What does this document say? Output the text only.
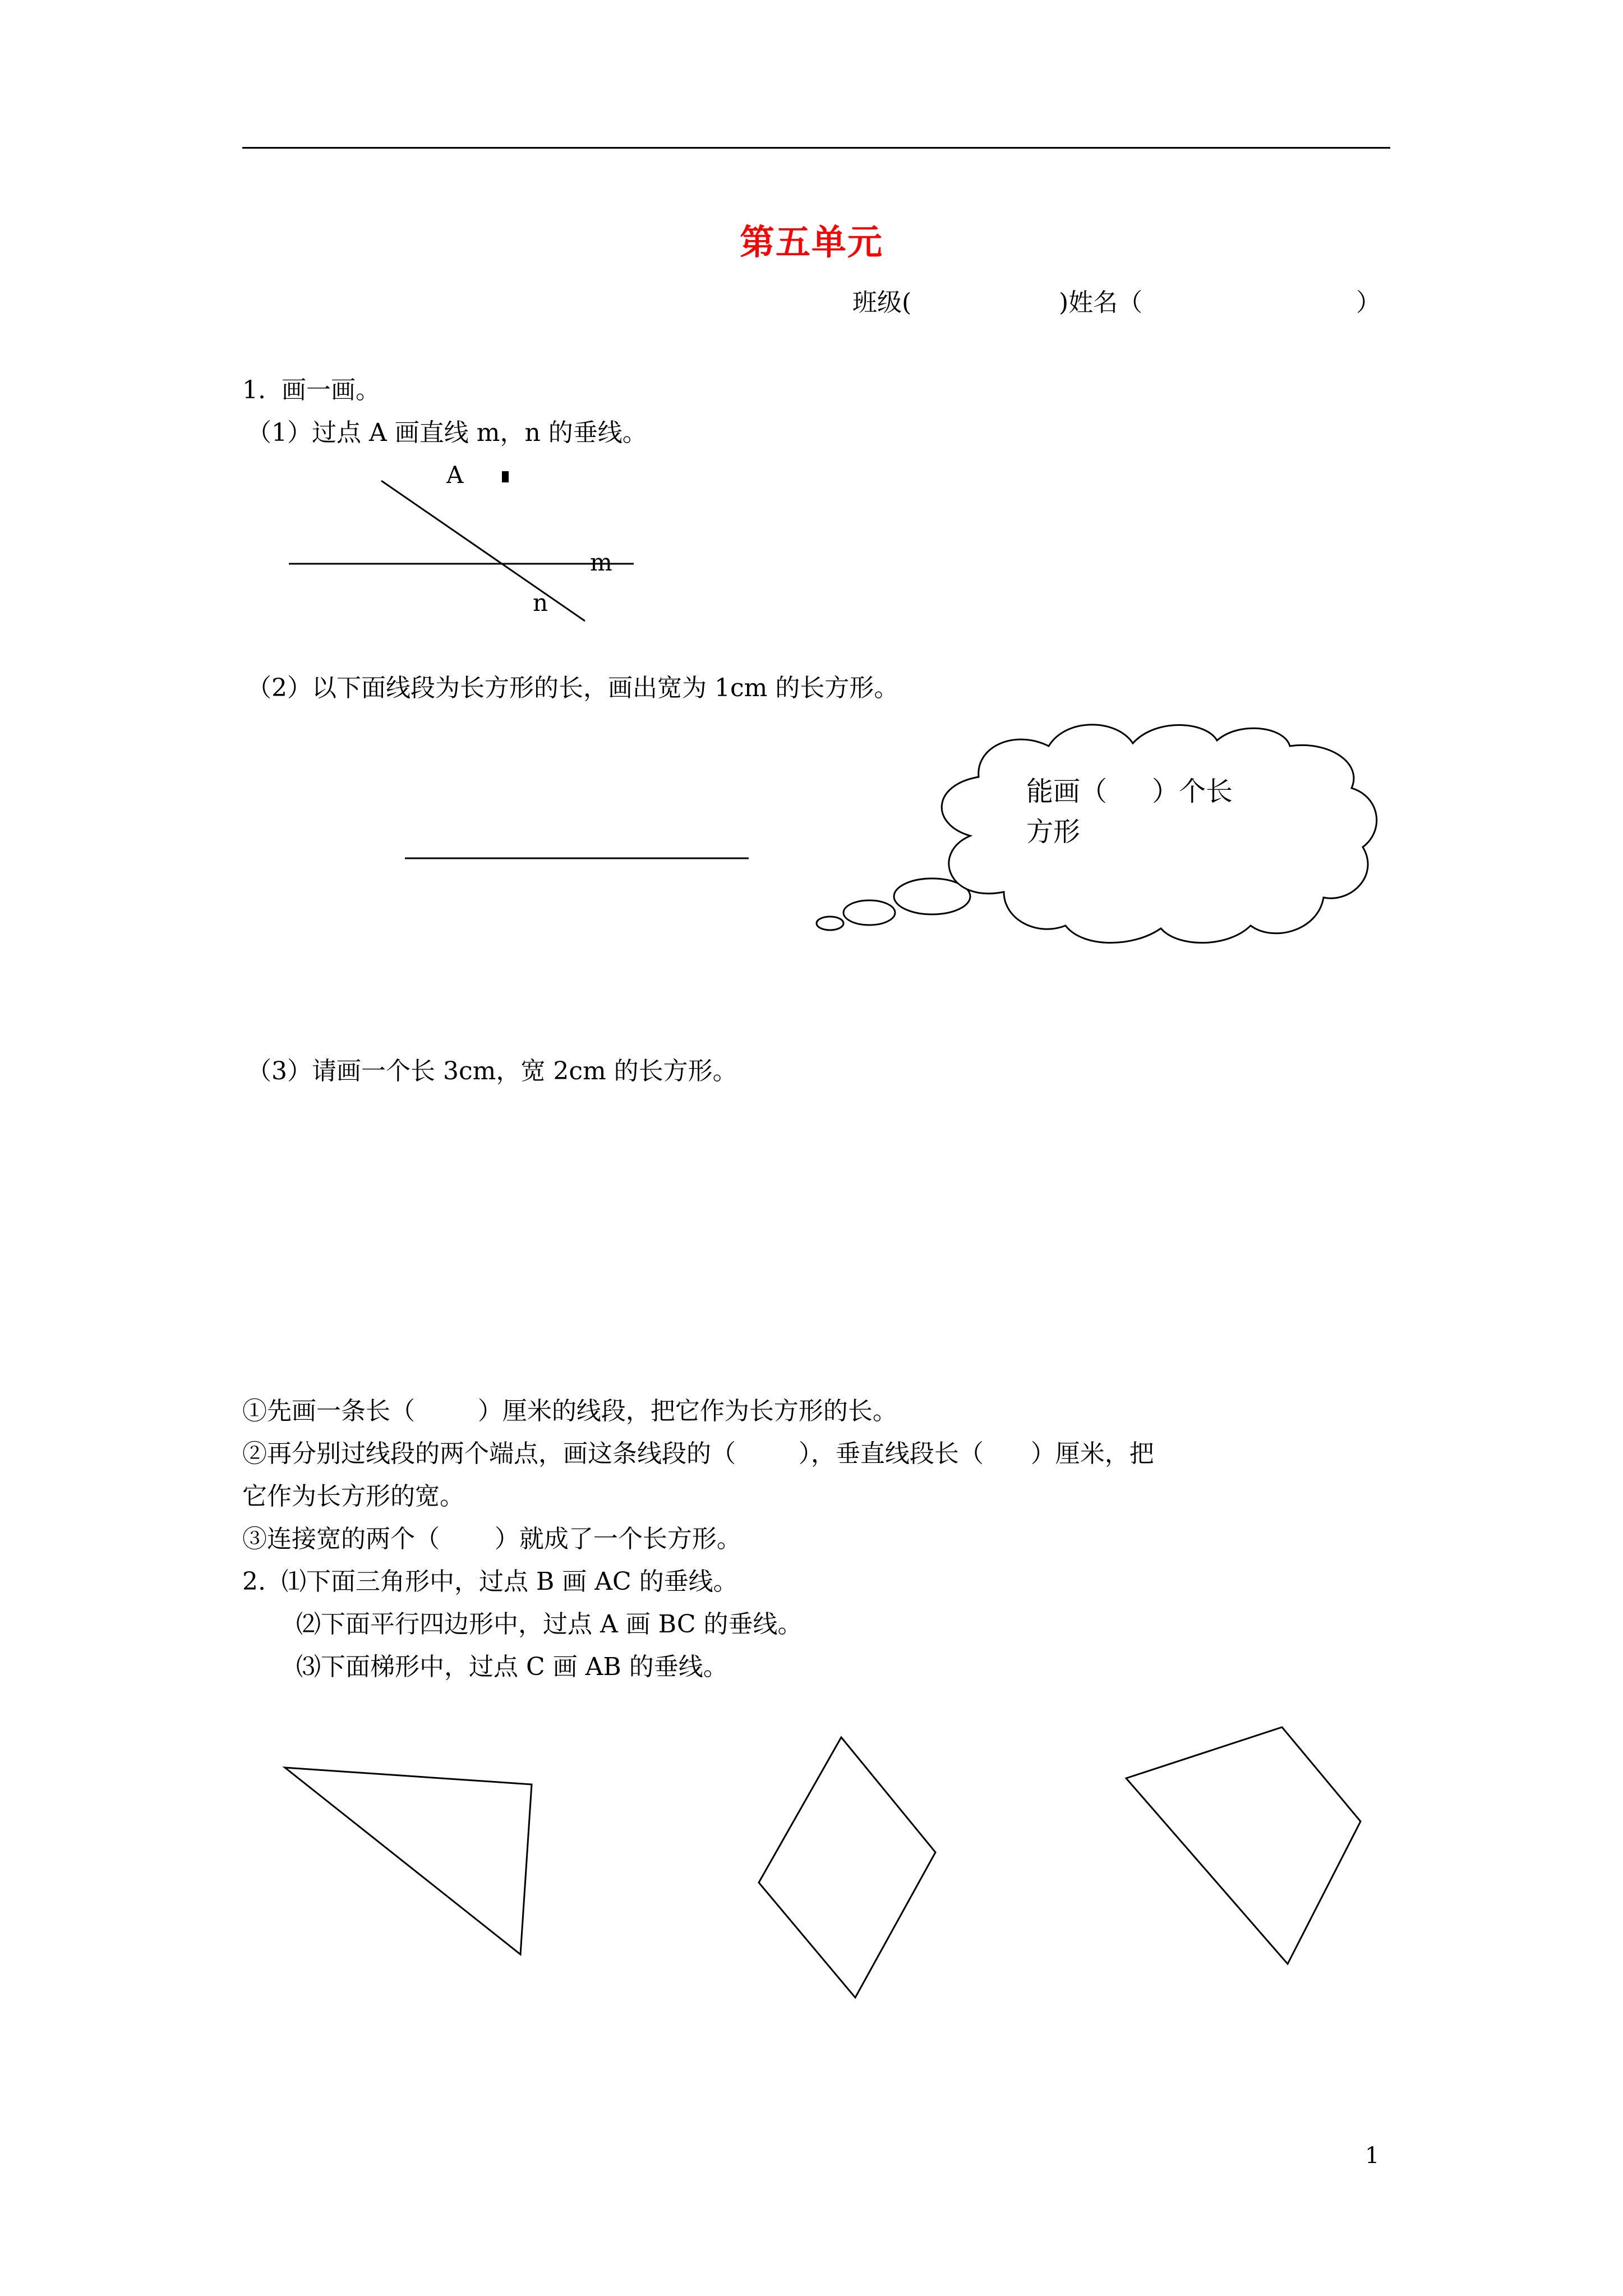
第五单元
班级(	)姓名（	）
1.  画一画。
（1）过点 A 画直线 m，n 的垂线。
A
m
n
（2）以下面线段为长方形的长，画出宽为 1cm 的长方形。
能画（      ）个长
方形
（3）请画一个长 3cm，宽 2cm 的长方形。
①先画一条长（        ）厘米的线段，把它作为长方形的长。
②再分别过线段的两个端点，画这条线段的（        ），垂直线段长（      ）厘米，把
它作为长方形的宽。
③连接宽的两个（       ）就成了一个长方形。
2.  ⑴下面三角形中，过点 B 画 AC 的垂线。
⑵下面平行四边形中，过点 A 画 BC 的垂线。
⑶下面梯形中，过点 C 画 AB 的垂线。
1
